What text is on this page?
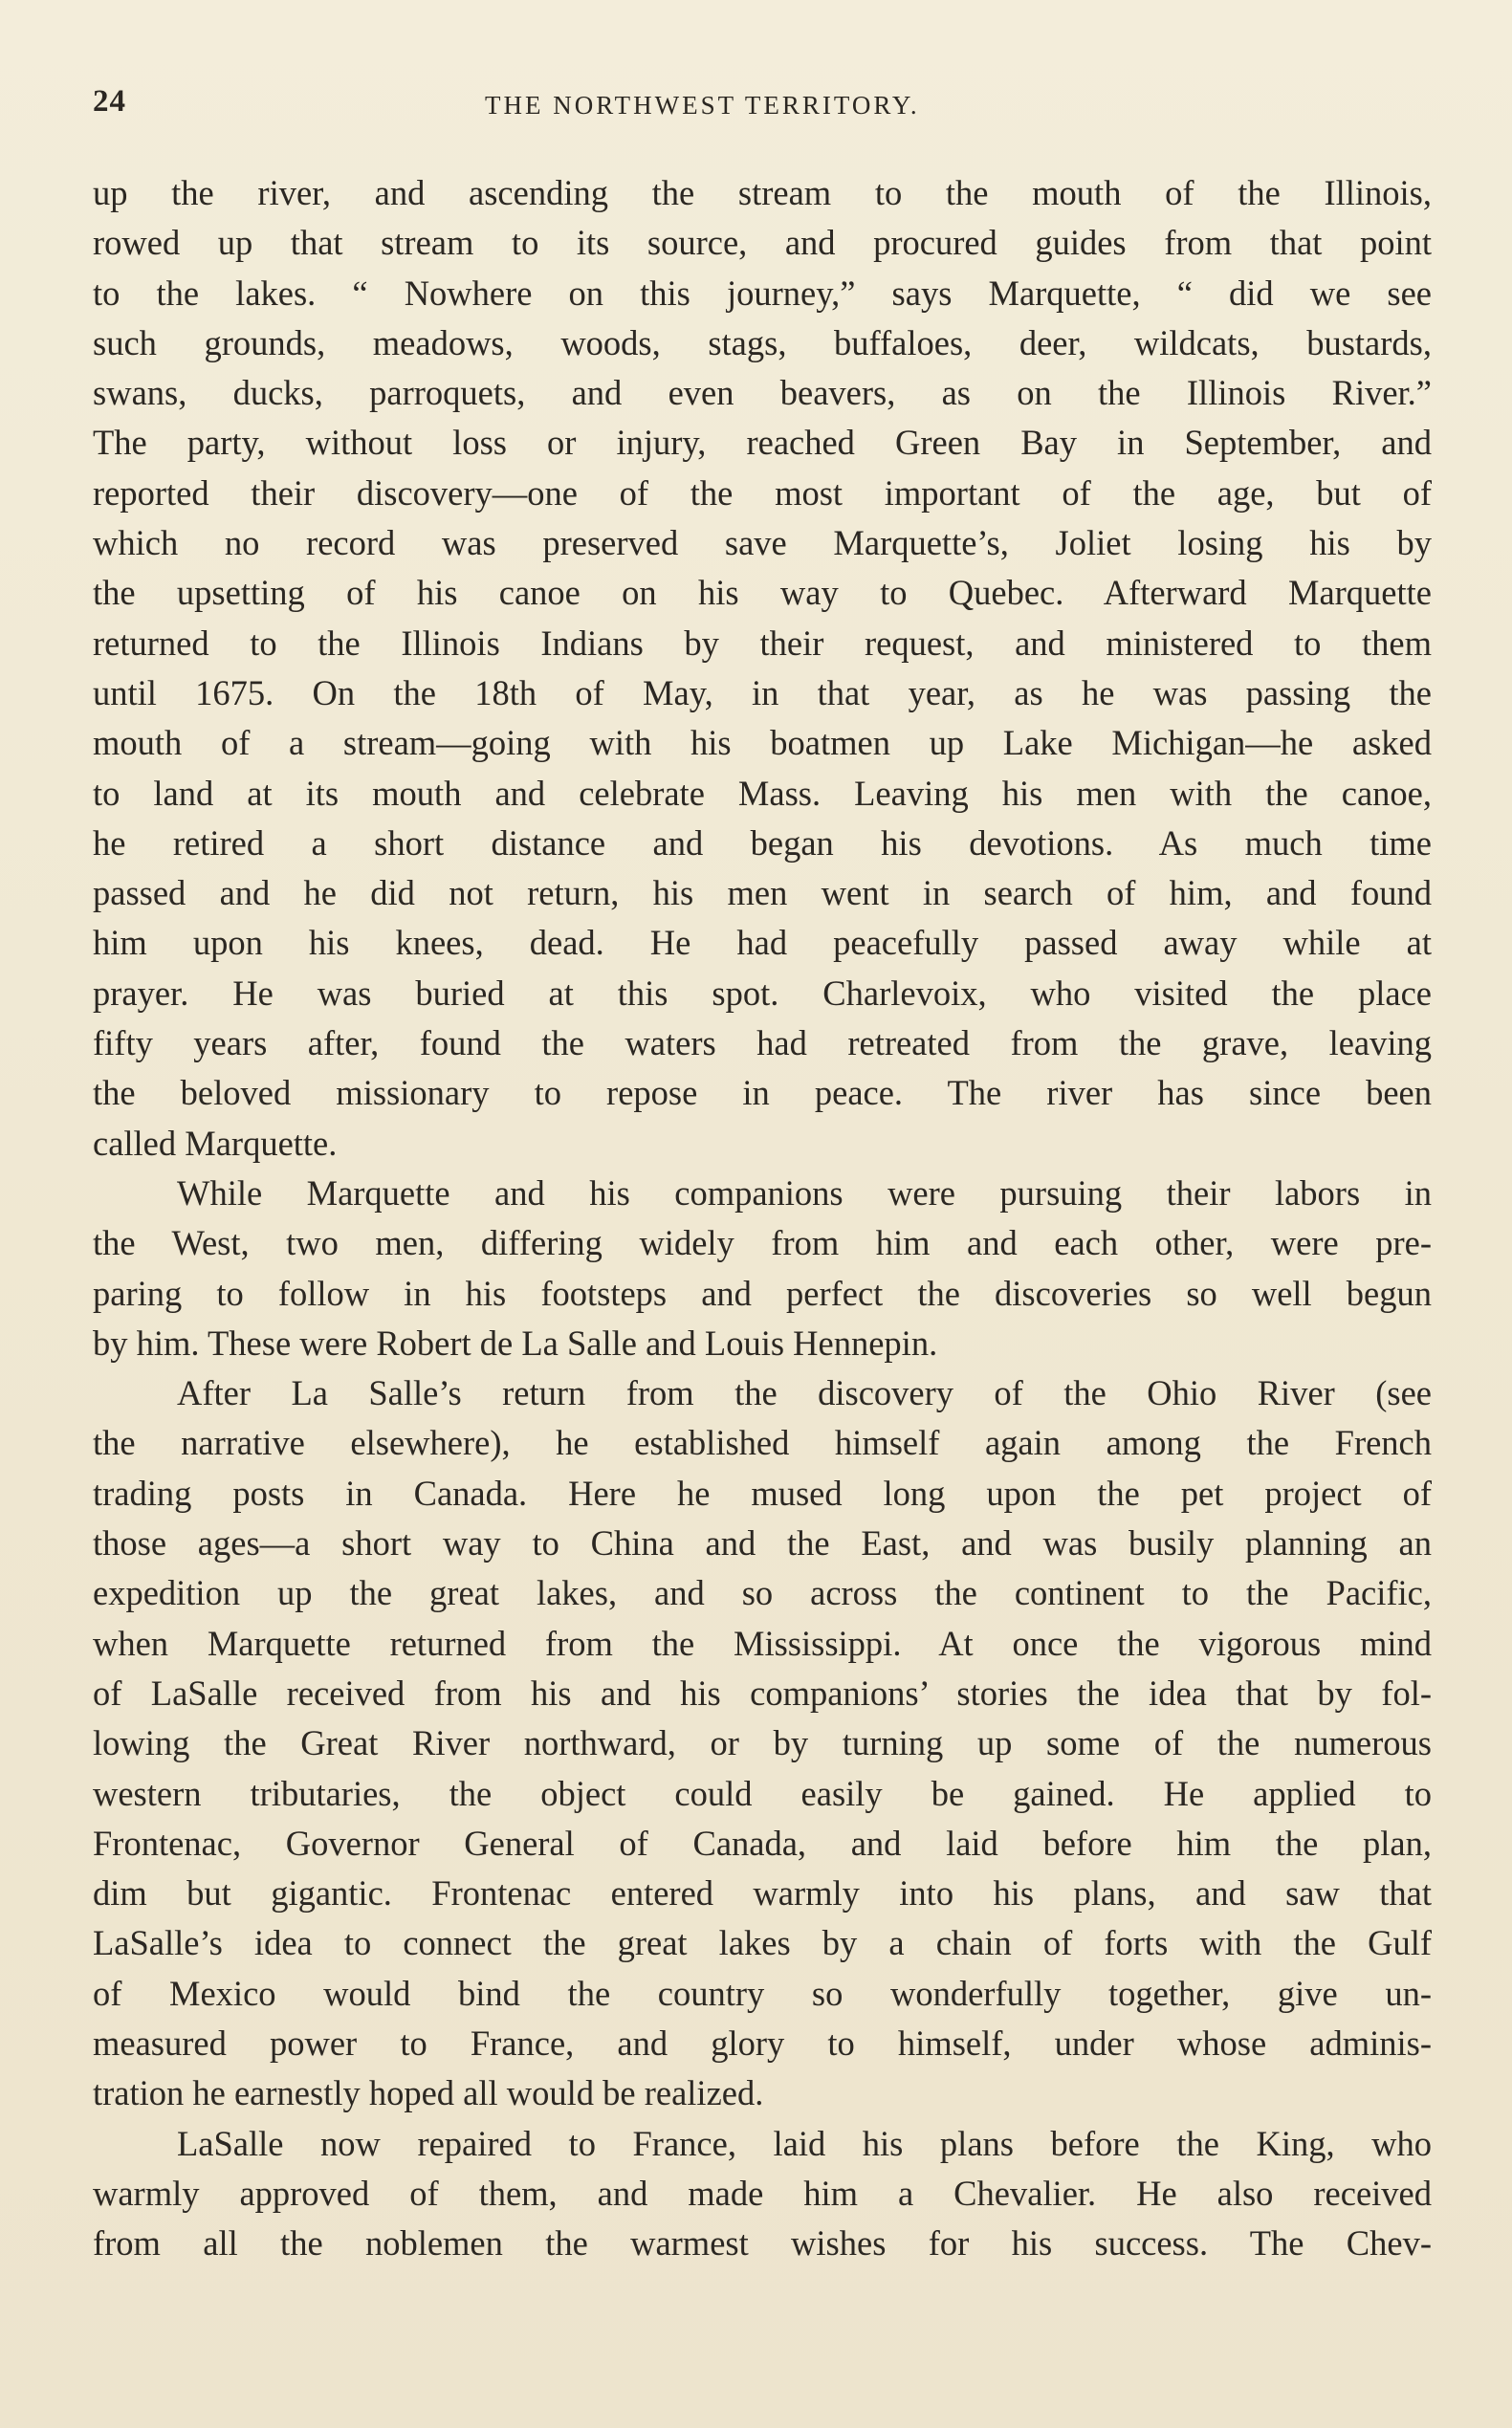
24	THE NORTHWEST TERRITORY.
up the river, and ascending the stream to the mouth of the Illinois,
rowed up that stream to its source, and procured guides from that point
to the lakes. “ Nowhere on this journey,” says Marquette, “ did we see
such grounds, meadows, woods, stags, buffaloes, deer, wildcats, bustards,
swans, ducks, parroquets, and even beavers, as on the Illinois River.”
The party, without loss or injury, reached Green Bay in September, and
reported their discovery—one of the most important of the age, but of
which no record was preserved save Marquette’s, Joliet losing his by
the upsetting of his canoe on his way to Quebec. Afterward Marquette
returned to the Illinois Indians by their request, and ministered to them
until 1675. On the 18th of May, in that year, as he was passing the
mouth of a stream—going with his boatmen up Lake Michigan—he asked
to land at its mouth and celebrate Mass. Leaving his men with the canoe,
he retired a short distance and began his devotions. As much time
passed and he did not return, his men went in search of him, and found
him upon his knees, dead. He had peacefully passed away while at
prayer. He was buried at this spot. Charlevoix, who visited the place
fifty years after, found the waters had retreated from the grave, leaving
the beloved missionary to repose in peace. The river has since been
called Marquette.
While Marquette and his companions were pursuing their labors in
the West, two men, differing widely from him and each other, were pre-
paring to follow in his footsteps and perfect the discoveries so well begun
by him. These were Robert de La Salle and Louis Hennepin.
After La Salle’s return from the discovery of the Ohio River (see
the narrative elsewhere), he established himself again among the French
trading posts in Canada. Here he mused long upon the pet project of
those ages—a short way to China and the East, and was busily planning an
expedition up the great lakes, and so across the continent to the Pacific,
when Marquette returned from the Mississippi. At once the vigorous mind
of LaSalle received from his and his companions’ stories the idea that by fol-
lowing the Great River northward, or by turning up some of the numerous
western tributaries, the object could easily be gained. He applied to
Frontenac, Governor General of Canada, and laid before him the plan,
dim but gigantic. Frontenac entered warmly into his plans, and saw that
LaSalle’s idea to connect the great lakes by a chain of forts with the Gulf
of Mexico would bind the country so wonderfully together, give un-
measured power to France, and glory to himself, under whose adminis-
tration he earnestly hoped all would be realized.
LaSalle now repaired to France, laid his plans before the King, who
warmly approved of them, and made him a Chevalier. He also received
from all the noblemen the warmest wishes for his success. The Chev-
